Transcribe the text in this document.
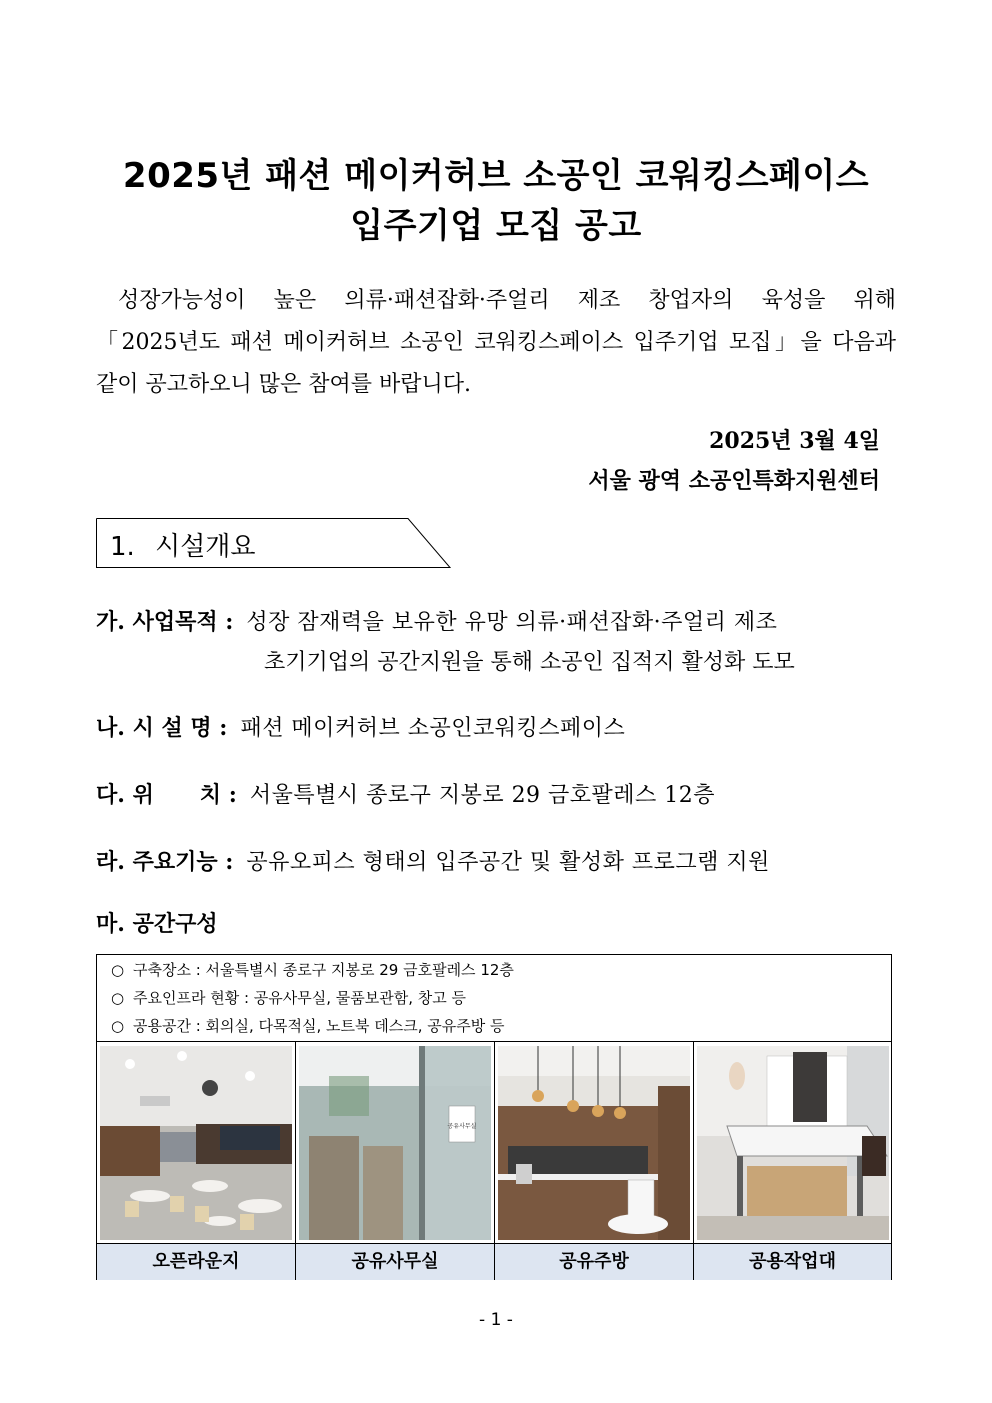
2025년 패션 메이커허브 소공인 코워킹스페이스
입주기업 모집 공고
성장가능성이 높은 의류·패션잡화·주얼리 제조 창업자의 육성을 위해
「2025년도 패션 메이커허브 소공인 코워킹스페이스 입주기업 모집」을 다음과
같이 공고하오니 많은 참여를 바랍니다.
2025년 3월 4일
서울 광역 소공인특화지원센터
1. 시설개요
가. 사업목적 : 성장 잠재력을 보유한 유망 의류·패션잡화·주얼리 제조
초기기업의 공간지원을 통해 소공인 집적지 활성화 도모
나. 시 설 명 : 패션 메이커허브 소공인코워킹스페이스
다. 위      치 : 서울특별시 종로구 지봉로 29 금호팔레스 12층
라. 주요기능 : 공유오피스 형태의 입주공간 및 활성화 프로그램 지원
마. 공간구성
○ 구축장소 : 서울특별시 종로구 지봉로 29 금호팔레스 12층
○ 주요인프라 현황 : 공유사무실, 물품보관함, 창고 등
○ 공용공간 : 회의실, 다목적실, 노트북 데스크, 공유주방 등
공유사무실
오픈라운지	공유사무실	공유주방	공용작업대
- 1 -
